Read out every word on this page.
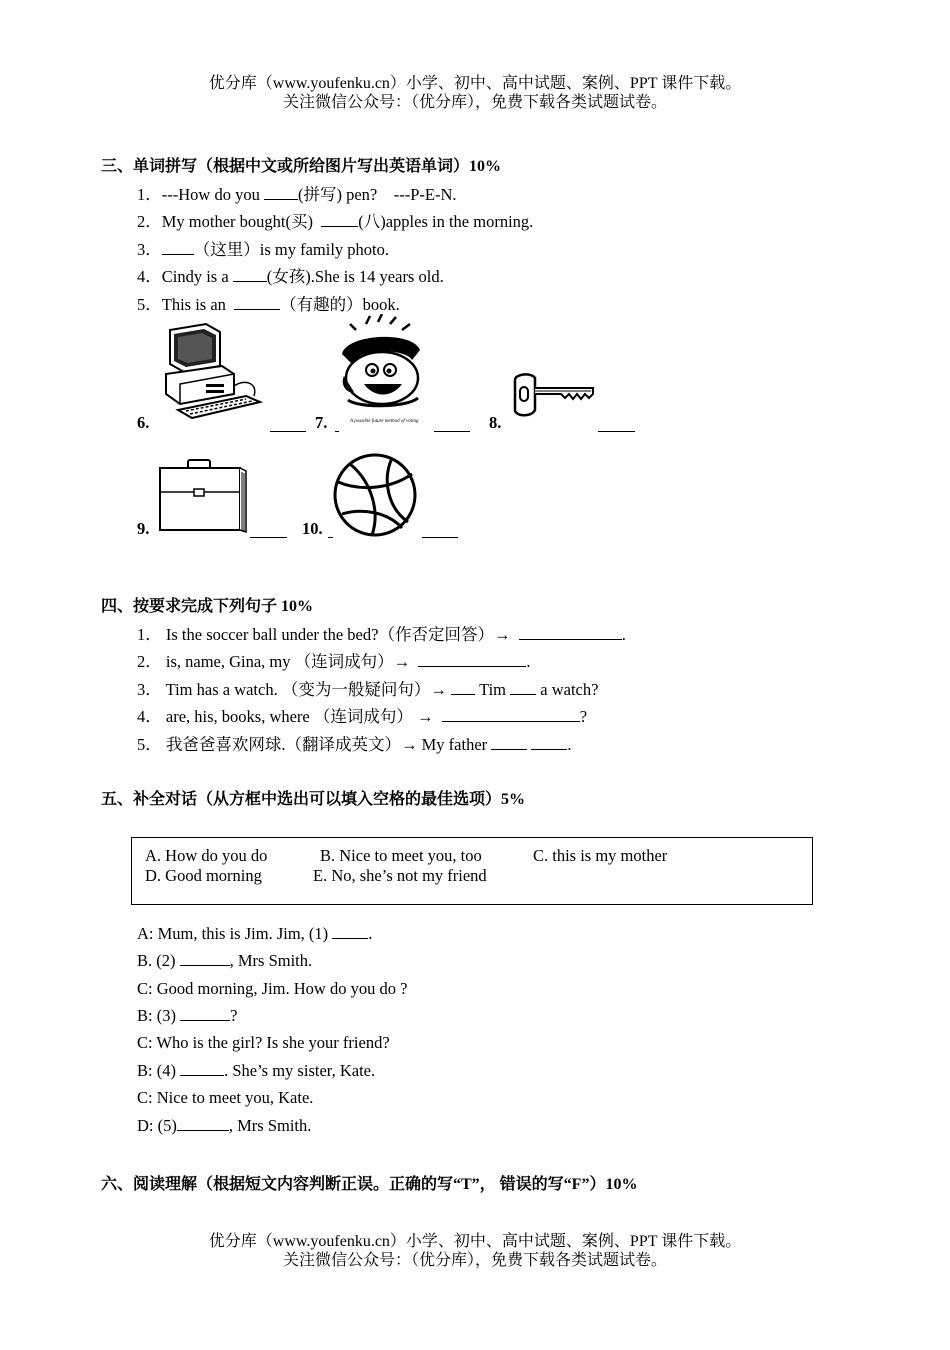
优分库（www.youfenku.cn）小学、初中、高中试题、案例、PPT 课件下载。
关注微信公众号：（优分库），免费下载各类试题试卷。
三、单词拼写（根据中文或所给图片写出英语单词）10%
1．---How do you (拼写) pen?    ---P-E-N.
2．My mother bought(买)  (八)apples in the morning.
3． （这里）is my family photo.
4．Cindy is a (女孩).She is 14 years old.
5．This is an	（有趣的）book.
6.	7.	A possible future method of voting	8.
9.	10.
四、按要求完成下列句子 10%
1． Is the soccer ball under the bed?（作否定回答）→	.
2． is, name, Gina, my （连词成句）→	.
3． Tim has a watch. （变为一般疑问句）→  Tim  a watch?
4． are, his, books, where （连词成句） →	?
5． 我爸爸喜欢网球.（翻译成英文）→ My father	.
五、补全对话（从方框中选出可以填入空格的最佳选项）5%
A. How do you do	B. Nice to meet you, too	C. this is my mother
D. Good morning	E. No, she’s not my friend
A: Mum, this is Jim. Jim, (1) .
B. (2)	, Mrs Smith.
C: Good morning, Jim. How do you do ?
B: (3)	?
C: Who is the girl? Is she your friend?
B: (4)	. She’s my sister, Kate.
C: Nice to meet you, Kate.
D: (5)	, Mrs Smith.
六、阅读理解（根据短文内容判断正误。正确的写“T”， 错误的写“F”）10%
优分库（www.youfenku.cn）小学、初中、高中试题、案例、PPT 课件下载。
关注微信公众号：（优分库），免费下载各类试题试卷。
